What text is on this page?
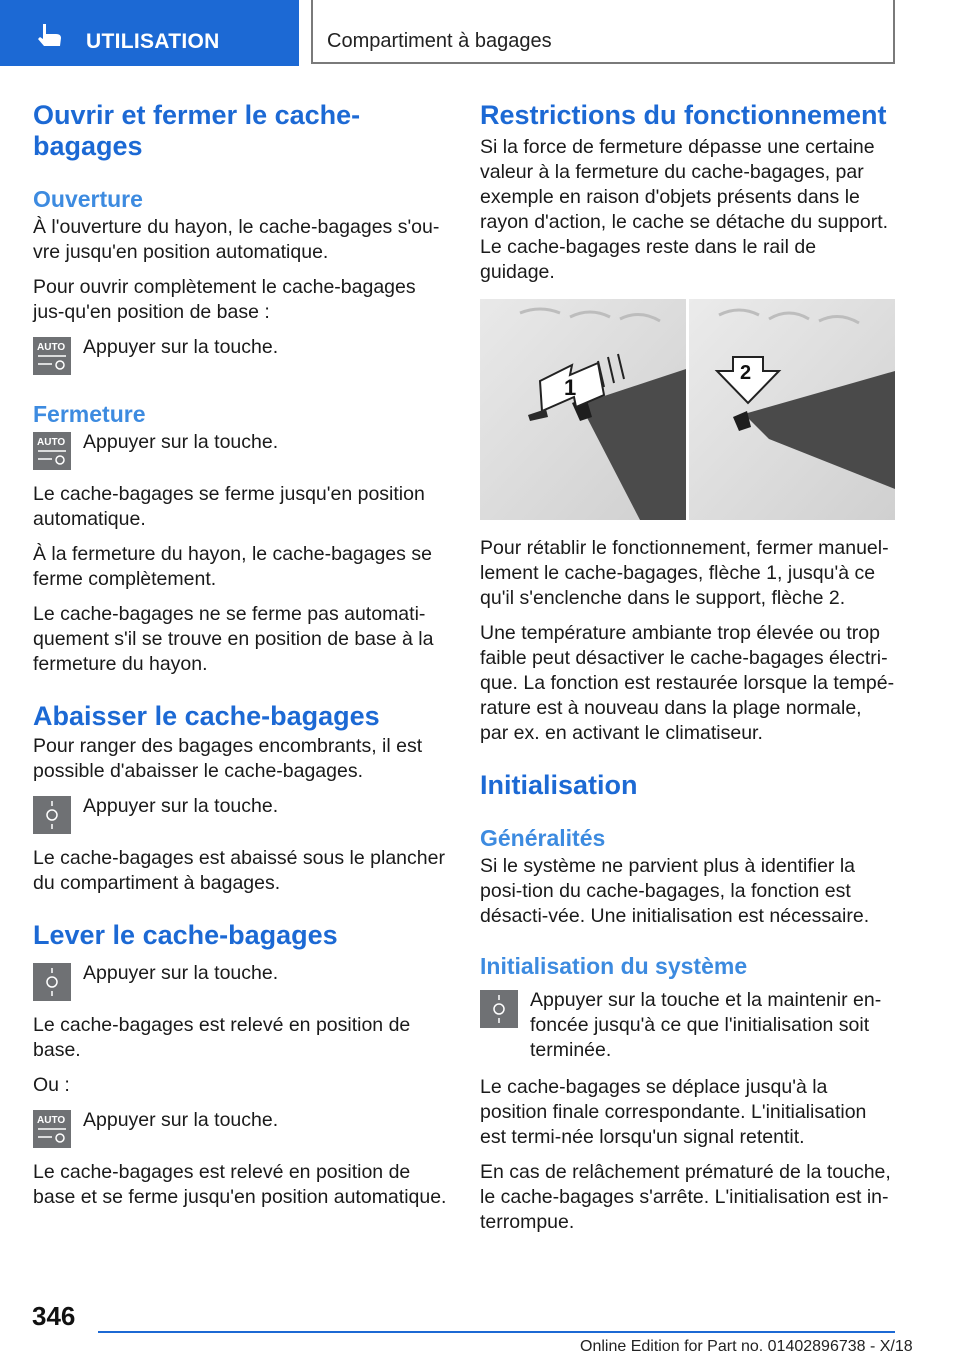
UTILISATION	Compartiment à bagages
Ouvrir et fermer le cache-bagages
Ouverture

À l'ouverture du hayon, le cache-bagages s'ou-vre jusqu'en position automatique.

Pour ouvrir complètement le cache-bagages jus-qu'en position de base :

AUTO Appuyer sur la touche.
Fermeture
AUTO Appuyer sur la touche.

Le cache-bagages se ferme jusqu'en position automatique.

À la fermeture du hayon, le cache-bagages se ferme complètement.

Le cache-bagages ne se ferme pas automati-quement s'il se trouve en position de base à la fermeture du hayon.

Abaisser le cache-bagages

Pour ranger des bagages encombrants, il est possible d'abaisser le cache-bagages.

Appuyer sur la touche.

Le cache-bagages est abaissé sous le plancher du compartiment à bagages.

Lever le cache-bagages
Appuyer sur la touche.

Le cache-bagages est relevé en position de base.

Ou :

AUTO Appuyer sur la touche.

Le cache-bagages est relevé en position de base et se ferme jusqu'en position automatique.

Restrictions du fonctionnement

Si la force de fermeture dépasse une certaine valeur à la fermeture du cache-bagages, par exemple en raison d'objets présents dans le rayon d'action, le cache se détache du support. Le cache-bagages reste dans le rail de guidage.

1
2

Pour rétablir le fonctionnement, fermer manuel-lement le cache-bagages, flèche 1, jusqu'à ce qu'il s'enclenche dans le support, flèche 2.

Une température ambiante trop élevée ou trop faible peut désactiver le cache-bagages électri-que. La fonction est restaurée lorsque la tempé-rature est à nouveau dans la plage normale, par ex. en activant le climatiseur.

Initialisation
Généralités

Si le système ne parvient plus à identifier la posi-tion du cache-bagages, la fonction est désacti-vée. Une initialisation est nécessaire.

Initialisation du système
Appuyer sur la touche et la maintenir en-foncée jusqu'à ce que l'initialisation soit terminée.

Le cache-bagages se déplace jusqu'à la position finale correspondante. L'initialisation est termi-née lorsqu'un signal retentit.

En cas de relâchement prématuré de la touche, le cache-bagages s'arrête. L'initialisation est in-terrompue.

346
Online Edition for Part no. 01402896738 - X/18
